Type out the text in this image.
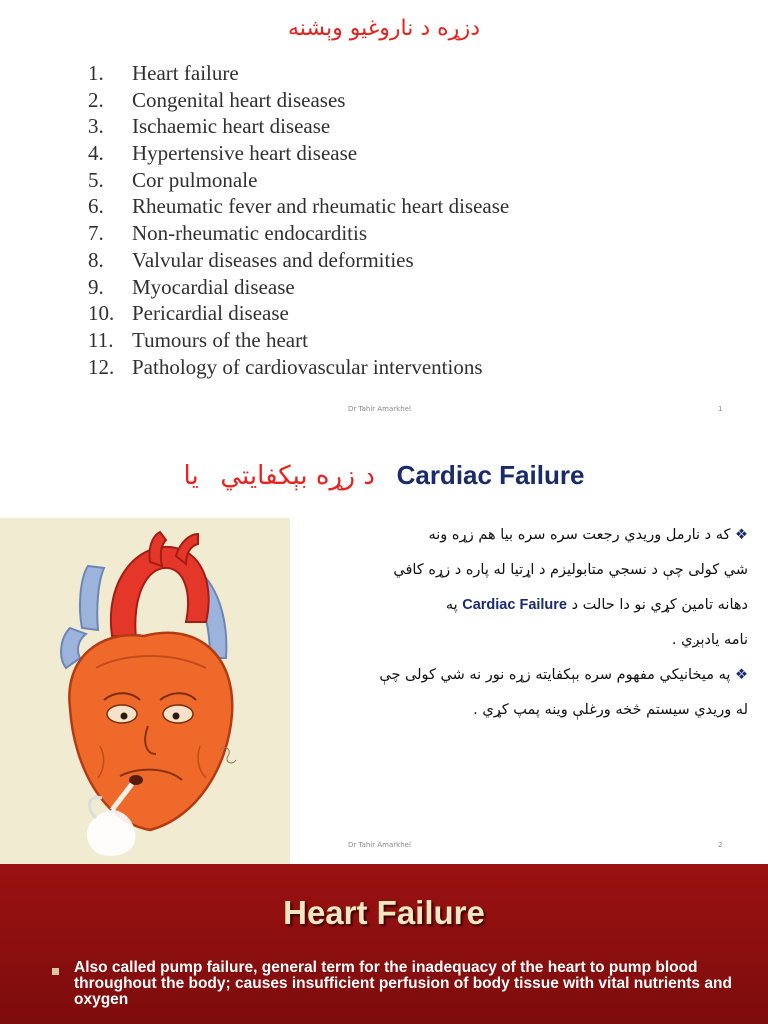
دزړه د ناروغيو وېشنه
1. Heart failure
2. Congenital heart diseases
3. Ischaemic heart disease
4. Hypertensive heart disease
5. Cor pulmonale
6. Rheumatic fever and rheumatic heart disease
7. Non-rheumatic endocarditis
8. Valvular diseases and deformities
9. Myocardial disease
10. Pericardial disease
11. Tumours of the heart
12. Pathology of cardiovascular interventions
Dr Tahir Amarkhel	1
د زړه بېکفايتي   يا	Cardiac Failure

❖ كه د نارمل وريدي رجعت سره سره بيا هم زړه ونه

شي كولی چې د نسجي متابوليزم د اړتيا له پاره د زړه كافي

دهانه تامين كړي نو دا حالت د Cardiac Failure په

نامه يادېږي .

❖ په ميخانيكي مفهوم سره بېكفايته زړه نور نه شي كولی چې

له وريدي سيستم څخه ورغلې وينه پمپ كړي .

Dr Tahir Amarkhel	2
Heart Failure
Also called pump failure, general term for the inadequacy of the heart to pump blood throughout the body; causes insufficient perfusion of body tissue with vital nutrients and oxygen
